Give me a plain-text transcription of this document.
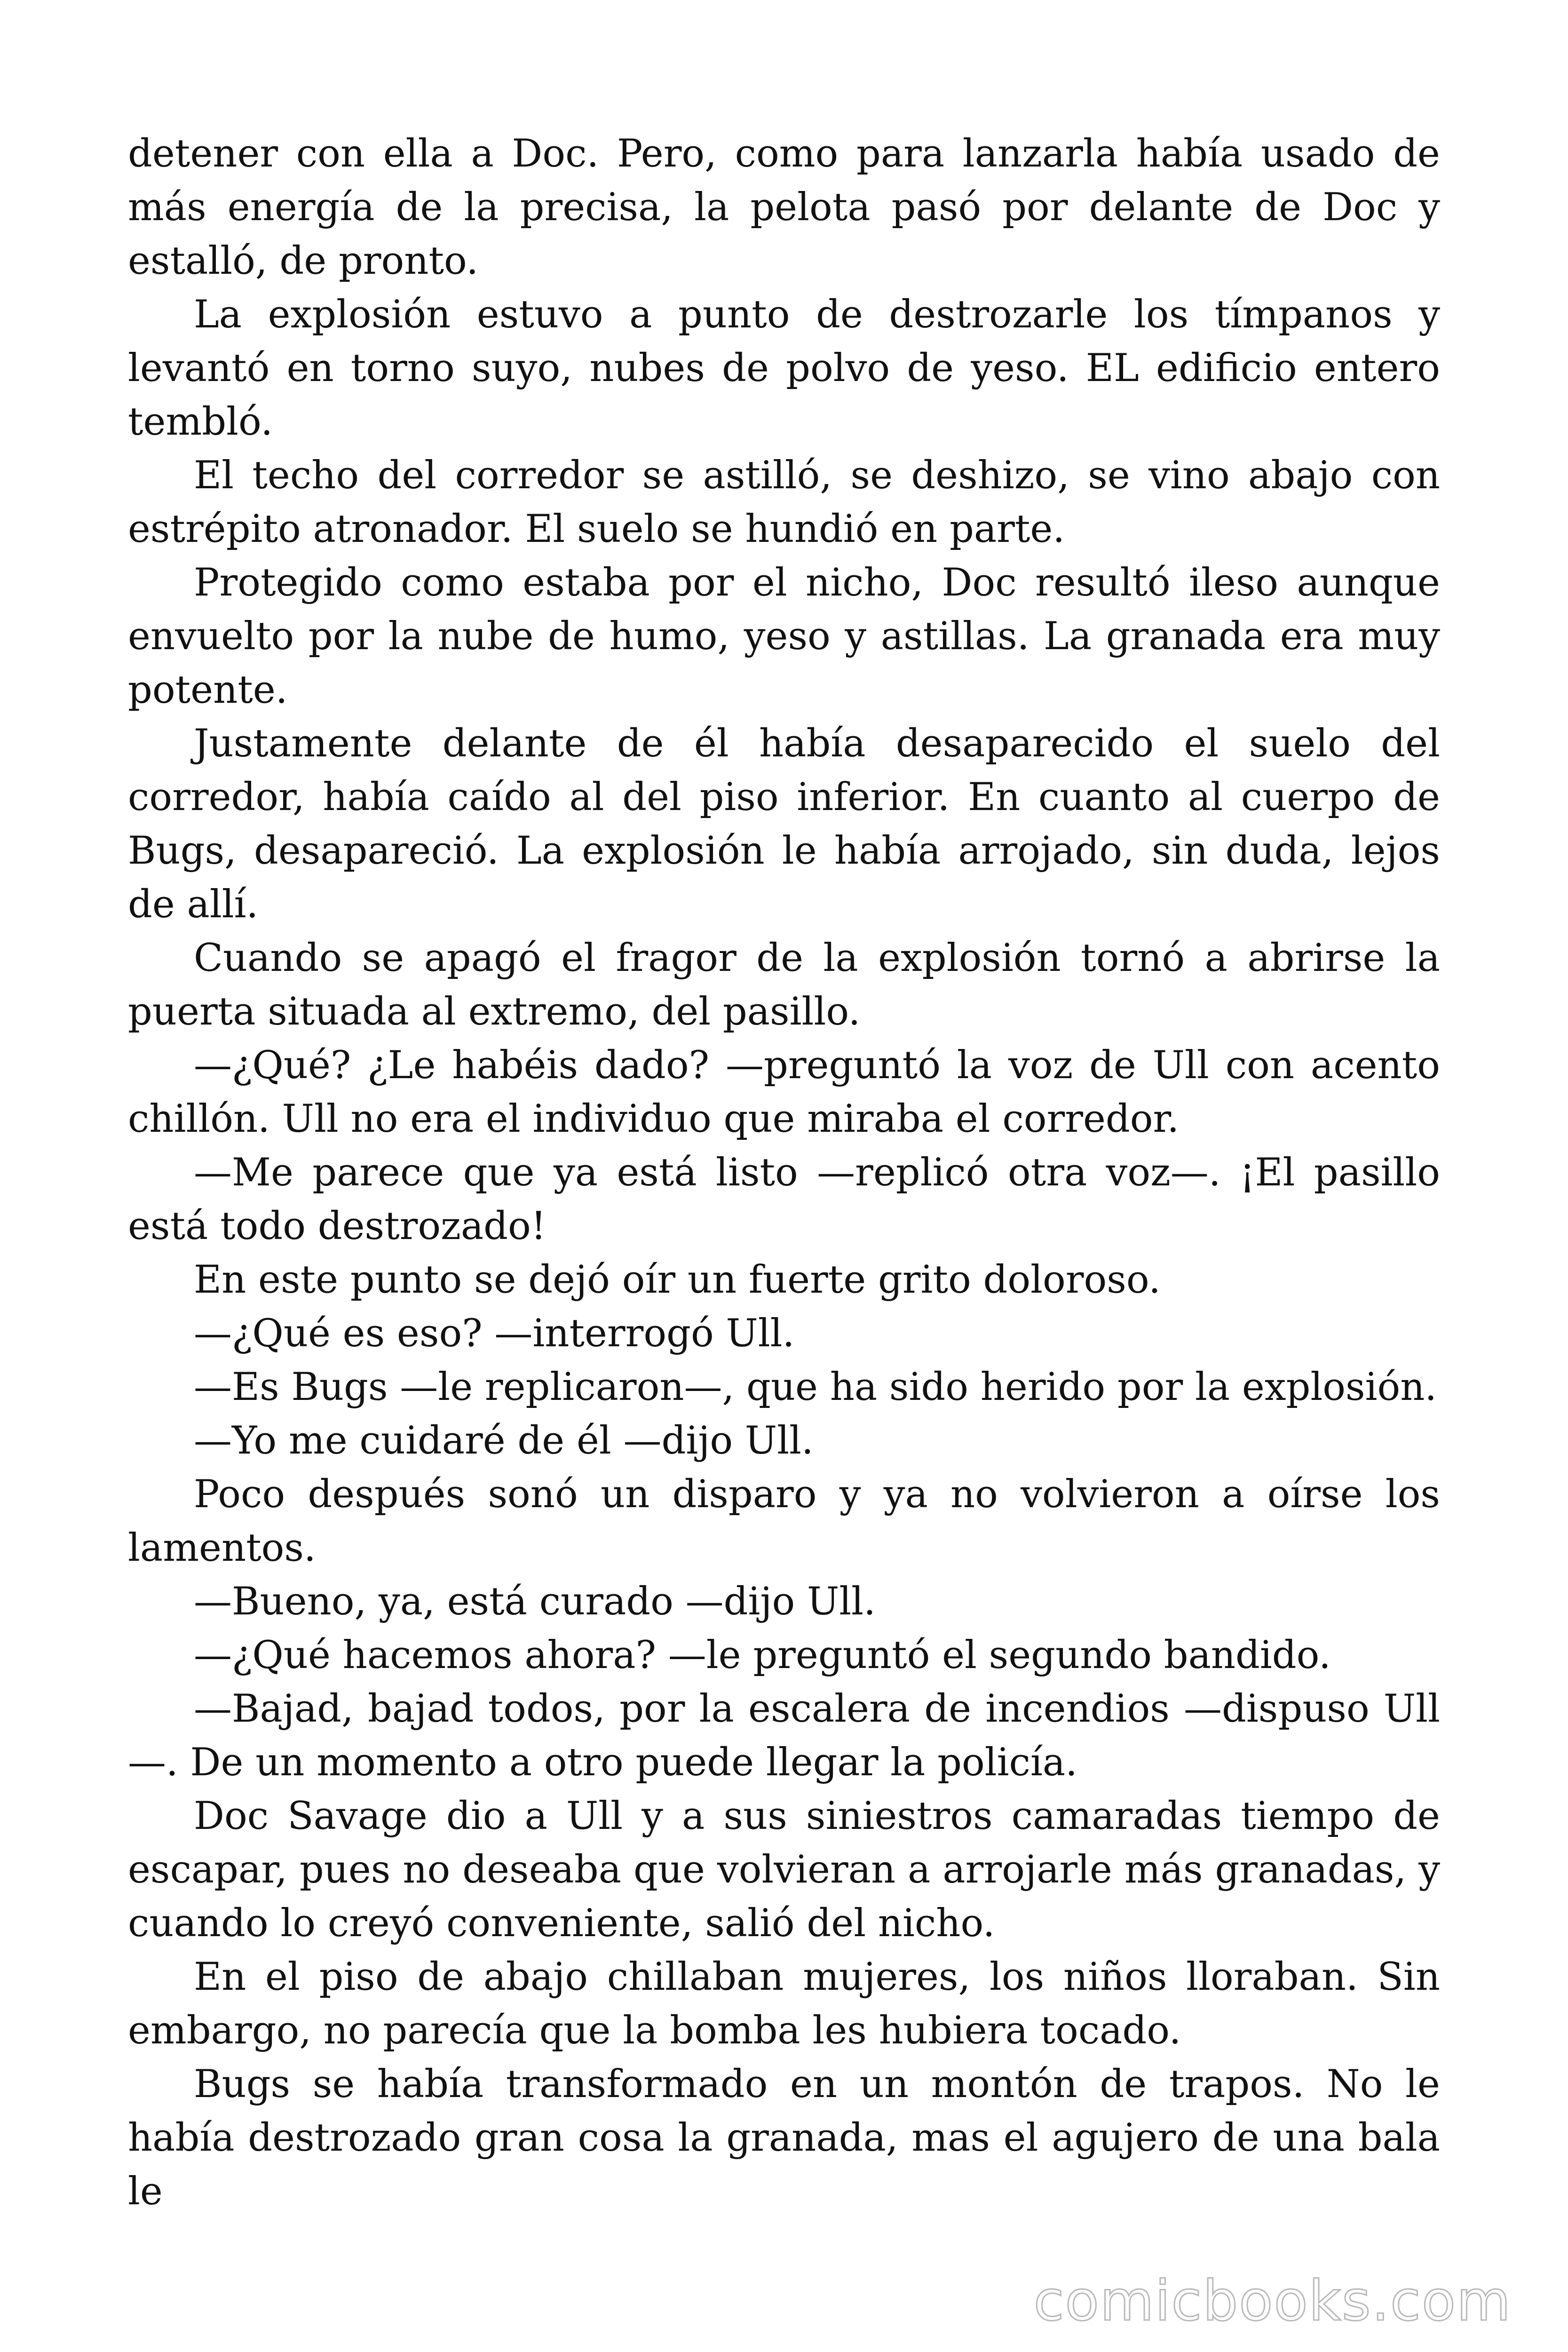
detener con ella a Doc. Pero, como para lanzarla había usado de más energía de la precisa, la pelota pasó por delante de Doc y estalló, de pronto.

La explosión estuvo a punto de destrozarle los tímpanos y levantó en torno suyo, nubes de polvo de yeso. EL edificio entero tembló.

El techo del corredor se astilló, se deshizo, se vino abajo con estrépito atronador. El suelo se hundió en parte.

Protegido como estaba por el nicho, Doc resultó ileso aunque envuelto por la nube de humo, yeso y astillas. La granada era muy potente.

Justamente delante de él había desaparecido el suelo del corredor, había caído al del piso inferior. En cuanto al cuerpo de Bugs, desapareció. La explosión le había arrojado, sin duda, lejos de allí.

Cuando se apagó el fragor de la explosión tornó a abrirse la puerta situada al extremo, del pasillo.

—¿Qué? ¿Le habéis dado? —preguntó la voz de Ull con acento chillón. Ull no era el individuo que miraba el corredor.

—Me parece que ya está listo —replicó otra voz—. ¡El pasillo está todo destrozado!

En este punto se dejó oír un fuerte grito doloroso.

—¿Qué es eso? —interrogó Ull.

—Es Bugs —le replicaron—, que ha sido herido por la explosión.

—Yo me cuidaré de él —dijo Ull.

Poco después sonó un disparo y ya no volvieron a oírse los lamentos.

—Bueno, ya, está curado —dijo Ull.

—¿Qué hacemos ahora? —le preguntó el segundo bandido.

—Bajad, bajad todos, por la escalera de incendios —dispuso Ull —. De un momento a otro puede llegar la policía.

Doc Savage dio a Ull y a sus siniestros camaradas tiempo de escapar, pues no deseaba que volvieran a arrojarle más granadas, y cuando lo creyó conveniente, salió del nicho.

En el piso de abajo chillaban mujeres, los niños lloraban. Sin embargo, no parecía que la bomba les hubiera tocado.

Bugs se había transformado en un montón de trapos. No le había destrozado gran cosa la granada, mas el agujero de una bala le

comicbooks.com
